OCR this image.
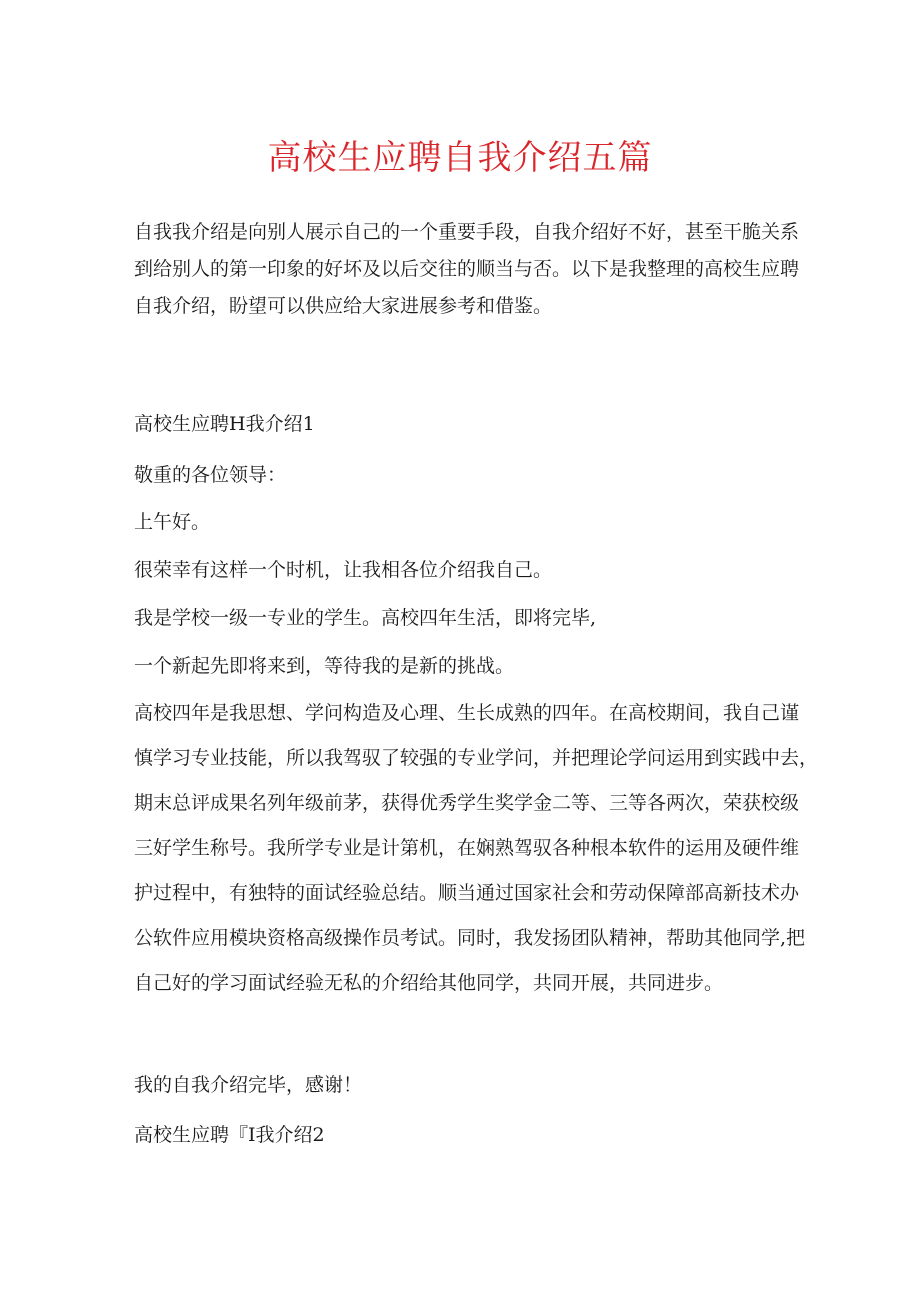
高校生应聘自我介绍五篇

自我我介绍是向别人展示自己的一个重要手段，自我介绍好不好，甚至干脆关系

到给别人的第一印象的好坏及以后交往的顺当与否。以下是我整理的高校生应聘

自我介绍，盼望可以供应给大家进展参考和借鉴。

高校生应聘H我介绍1

敬重的各位领导：

上午好。

很荣幸有这样一个时机，让我相各位介绍我自己。

我是学校一级一专业的学生。高校四年生活，即将完毕,

一个新起先即将来到，等待我的是新的挑战。

高校四年是我思想、学问构造及心理、生长成熟的四年。在高校期间，我自己谨

慎学习专业技能，所以我驾驭了较强的专业学问，并把理论学问运用到实践中去，

期末总评成果名列年级前茅，获得优秀学生奖学金二等、三等各两次，荣获校级

三好学生称号。我所学专业是计第机，在娴熟驾驭各种根本软件的运用及硬件维

护过程中，有独特的面试经验总结。顺当通过国家社会和劳动保障部高新技术办

公软件应用模块资格高级操作员考试。同时，我发扬团队精神，帮助其他同学,把

自己好的学习面试经验无私的介绍给其他同学，共同开展，共同进步。

我的自我介绍完毕，感谢！

高校生应聘『I我介绍2
